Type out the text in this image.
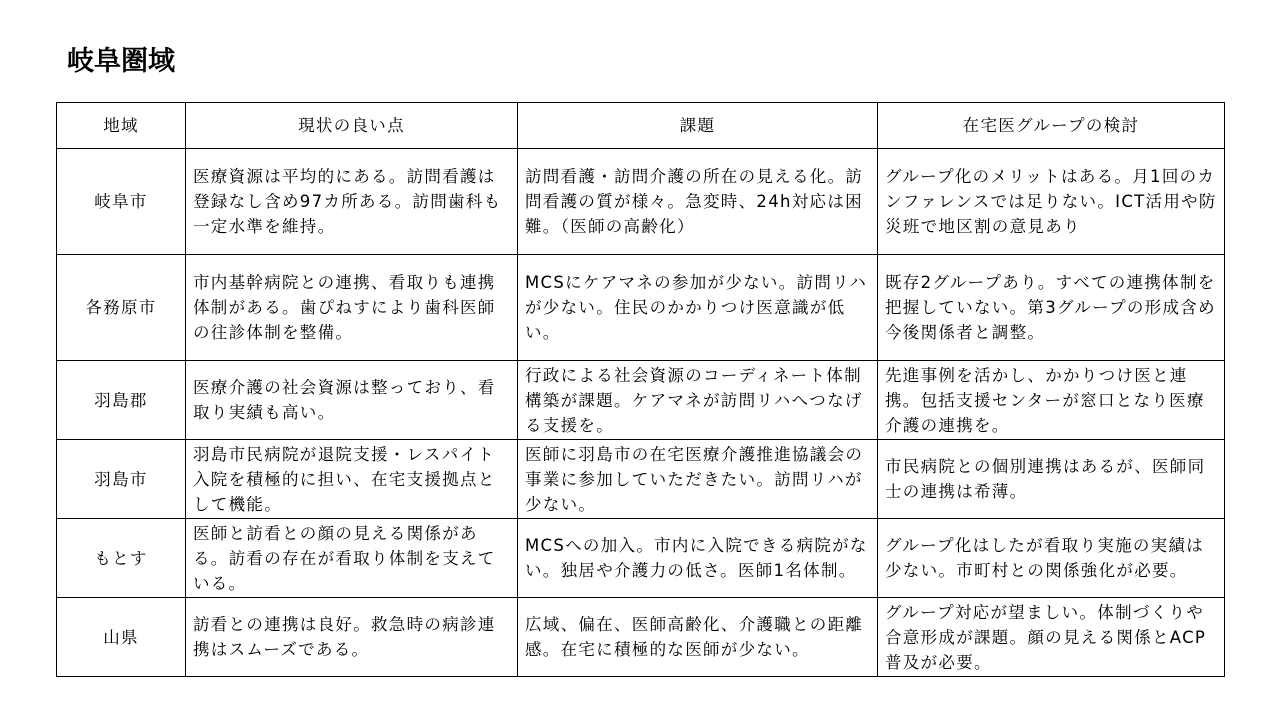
岐阜圏域
地域	現状の良い点	課題	在宅医グループの検討
岐阜市	医療資源は平均的にある。訪問看護は登録なし含め97カ所ある。訪問歯科も一定水準を維持。	訪問看護・訪問介護の所在の見える化。訪問看護の質が様々。急変時、24h対応は困難。（医師の高齢化）	グループ化のメリットはある。月1回のカンファレンスでは足りない。ICT活用や防災班で地区割の意見あり
各務原市	市内基幹病院との連携、看取りも連携体制がある。歯ぴねすにより歯科医師の往診体制を整備。	MCSにケアマネの参加が少ない。訪問リハが少ない。住民のかかりつけ医意識が低い。	既存2グループあり。すべての連携体制を把握していない。第3グループの形成含め今後関係者と調整。
羽島郡	医療介護の社会資源は整っており、看取り実績も高い。	行政による社会資源のコーディネート体制構築が課題。ケアマネが訪問リハへつなげる支援を。	先進事例を活かし、かかりつけ医と連携。包括支援センターが窓口となり医療介護の連携を。
羽島市	羽島市民病院が退院支援・レスパイト入院を積極的に担い、在宅支援拠点として機能。	医師に羽島市の在宅医療介護推進協議会の事業に参加していただきたい。訪問リハが少ない。	市民病院との個別連携はあるが、医師同士の連携は希薄。
もとす	医師と訪看との顔の見える関係がある。訪看の存在が看取り体制を支えている。	MCSへの加入。市内に入院できる病院がない。独居や介護力の低さ。医師1名体制。	グループ化はしたが看取り実施の実績は少ない。市町村との関係強化が必要。
山県	訪看との連携は良好。救急時の病診連携はスムーズである。	広域、偏在、医師高齢化、介護職との距離感。在宅に積極的な医師が少ない。	グループ対応が望ましい。体制づくりや合意形成が課題。顔の見える関係とACP普及が必要。
